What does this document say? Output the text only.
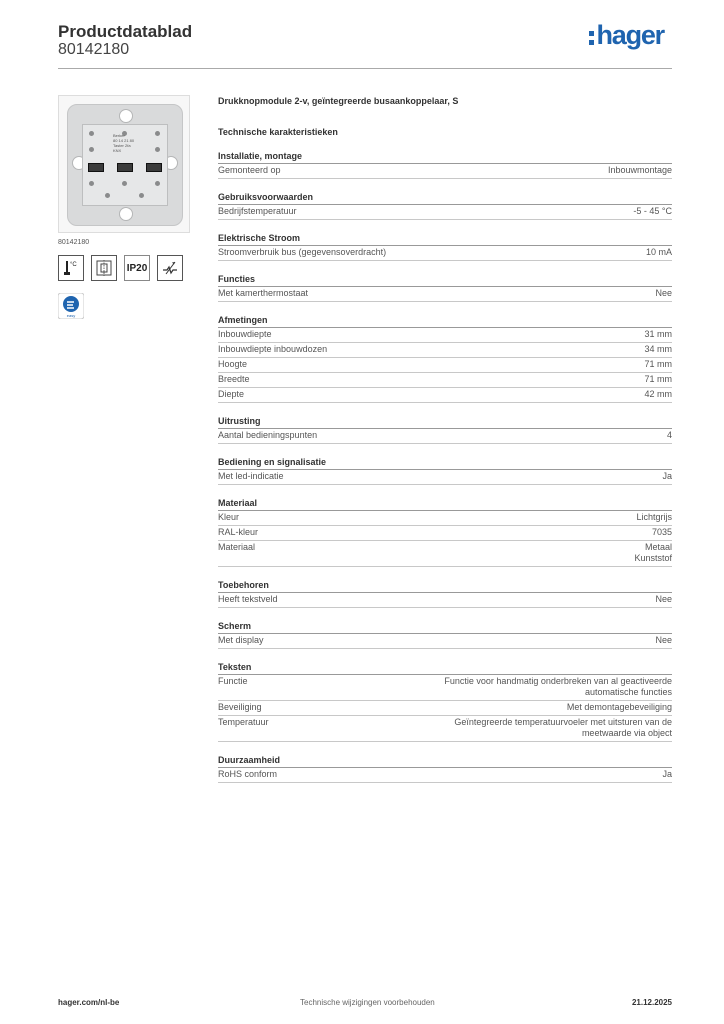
Productdatablad
80142180	hager
Berker
80 14 21 80
Taster 2fa
KNX
80142180
°C	IP20
easy
Drukknopmodule 2-v, geïntegreerde busaankoppelaar, S
Technische karakteristieken
Installatie, montage
Gemonteerd op	Inbouwmontage
Gebruiksvoorwaarden
Bedrijfstemperatuur	-5 - 45 °C
Elektrische Stroom
Stroomverbruik bus (gegevensoverdracht)	10 mA
Functies
Met kamerthermostaat	Nee
Afmetingen
Inbouwdiepte	31 mm
Inbouwdiepte inbouwdozen	34 mm
Hoogte	71 mm
Breedte	71 mm
Diepte	42 mm
Uitrusting
Aantal bedieningspunten	4
Bediening en signalisatie
Met led-indicatie	Ja
Materiaal
Kleur	Lichtgrijs
RAL-kleur	7035
Materiaal	Metaal
Kunststof
Toebehoren
Heeft tekstveld	Nee
Scherm
Met display	Nee
Teksten
Functie	Functie voor handmatig onderbreken van al geactiveerde
automatische functies
Beveiliging	Met demontagebeveiliging
Temperatuur	Geïntegreerde temperatuurvoeler met uitsturen van de
meetwaarde via object
Duurzaamheid
RoHS conform	Ja
hager.com/nl-be	Technische wijzigingen voorbehouden	21.12.2025
